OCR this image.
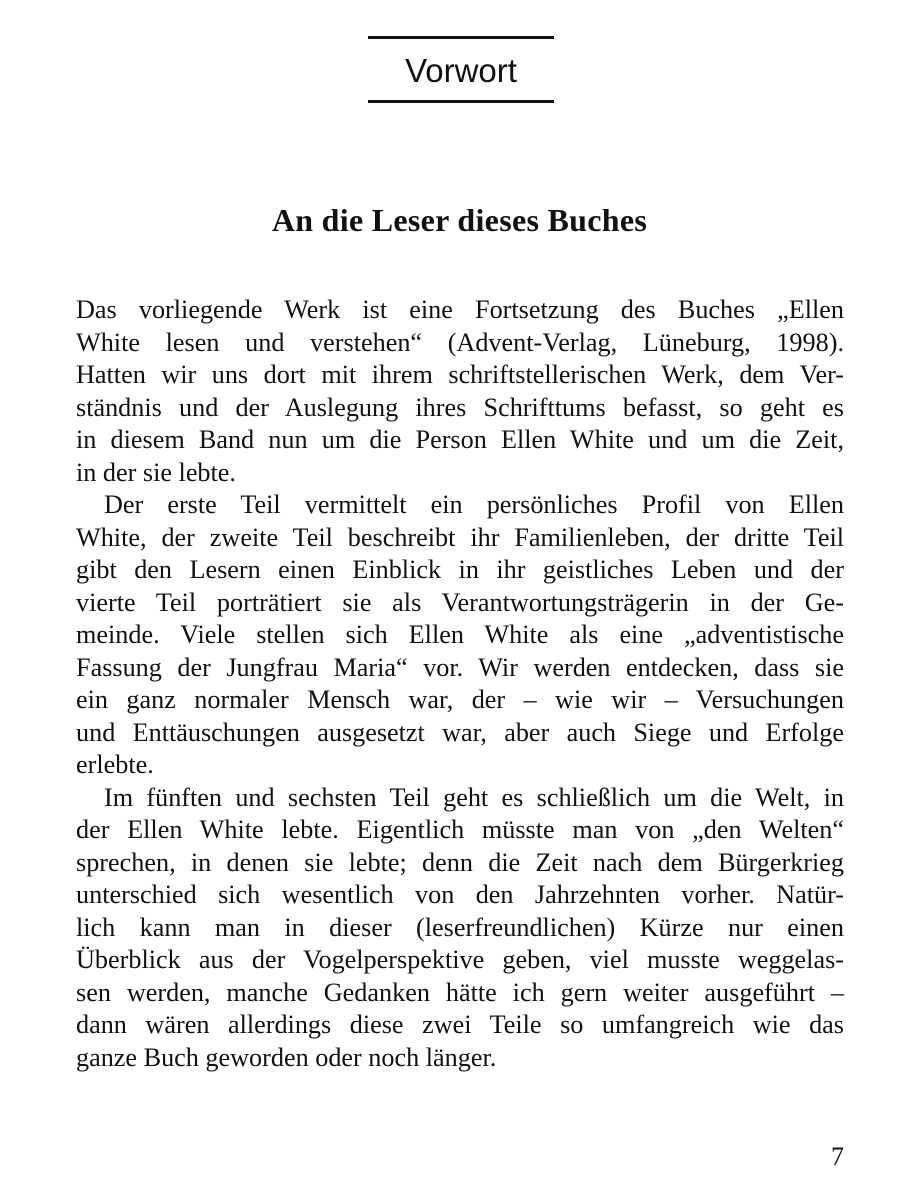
Vorwort
An die Leser dieses Buches
Das vorliegende Werk ist eine Fortsetzung des Buches „Ellen
White lesen und verstehen“ (Advent-Verlag, Lüneburg, 1998).
Hatten wir uns dort mit ihrem schriftstellerischen Werk, dem Ver-
ständnis und der Auslegung ihres Schrifttums befasst, so geht es
in diesem Band nun um die Person Ellen White und um die Zeit,
in der sie lebte.
Der erste Teil vermittelt ein persönliches Profil von Ellen
White, der zweite Teil beschreibt ihr Familienleben, der dritte Teil
gibt den Lesern einen Einblick in ihr geistliches Leben und der
vierte Teil porträtiert sie als Verantwortungsträgerin in der Ge-
meinde. Viele stellen sich Ellen White als eine „adventistische
Fassung der Jungfrau Maria“ vor. Wir werden entdecken, dass sie
ein ganz normaler Mensch war, der – wie wir – Versuchungen
und Enttäuschungen ausgesetzt war, aber auch Siege und Erfolge
erlebte.
Im fünften und sechsten Teil geht es schließlich um die Welt, in
der Ellen White lebte. Eigentlich müsste man von „den Welten“
sprechen, in denen sie lebte; denn die Zeit nach dem Bürgerkrieg
unterschied sich wesentlich von den Jahrzehnten vorher. Natür-
lich kann man in dieser (leserfreundlichen) Kürze nur einen
Überblick aus der Vogelperspektive geben, viel musste weggelas-
sen werden, manche Gedanken hätte ich gern weiter ausgeführt –
dann wären allerdings diese zwei Teile so umfangreich wie das
ganze Buch geworden oder noch länger.
7
